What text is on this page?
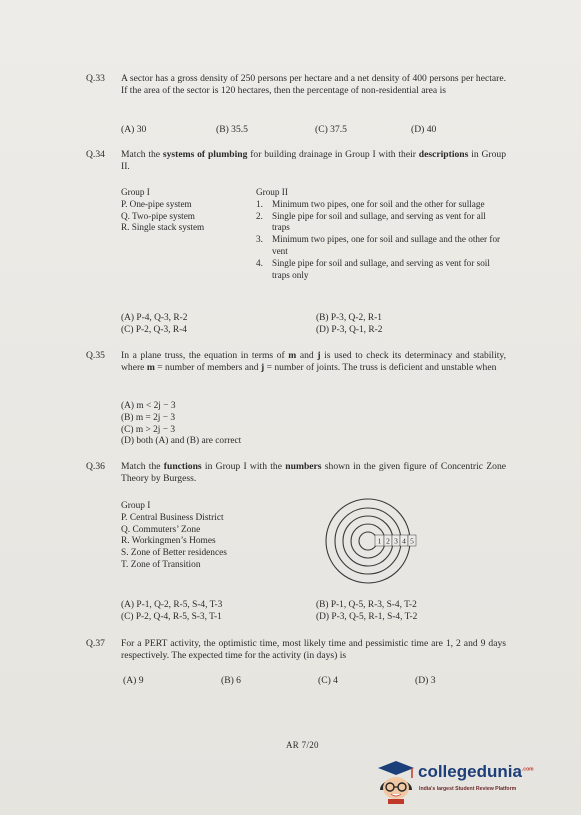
Q.33	A sector has a gross density of 250 persons per hectare and a net density of 400 persons per hectare. If the area of the sector is 120 hectares, then the percentage of non-residential area is
(A) 30	(B) 35.5	(C) 37.5	(D) 40
Q.34	Match the systems of plumbing for building drainage in Group I with their descriptions in Group II.
Group I
P. One-pipe system
Q. Two-pipe system
R. Single stack system
Group II
1. Minimum two pipes, one for soil and the other for sullage
2. Single pipe for soil and sullage, and serving as vent for all traps
3. Minimum two pipes, one for soil and sullage and the other for vent
4. Single pipe for soil and sullage, and serving as vent for soil traps only
(A) P-4, Q-3, R-2	(B) P-3, Q-2, R-1
(C) P-2, Q-3, R-4	(D) P-3, Q-1, R-2
Q.35	In a plane truss, the equation in terms of m and j is used to check its determinacy and stability, where m = number of members and j = number of joints. The truss is deficient and unstable when
(A) m < 2j − 3
(B) m = 2j − 3
(C) m > 2j − 3
(D) both (A) and (B) are correct
Q.36	Match the functions in Group I with the numbers shown in the given figure of Concentric Zone Theory by Burgess.
Group I
P. Central Business District
Q. Commuters’ Zone
R. Workingmen’s Homes
S. Zone of Better residences
T. Zone of Transition
1 2 3 4 5
(A) P-1, Q-2, R-5, S-4, T-3	(B) P-1, Q-5, R-3, S-4, T-2
(C) P-2, Q-4, R-5, S-3, T-1	(D) P-3, Q-5, R-1, S-4, T-2
Q.37	For a PERT activity, the optimistic time, most likely time and pessimistic time are 1, 2 and 9 days respectively. The expected time for the activity (in days) is
(A) 9	(B) 6	(C) 4	(D) 3
AR 7/20
collegedunia$^{.com}$
India's largest Student Review Platform
